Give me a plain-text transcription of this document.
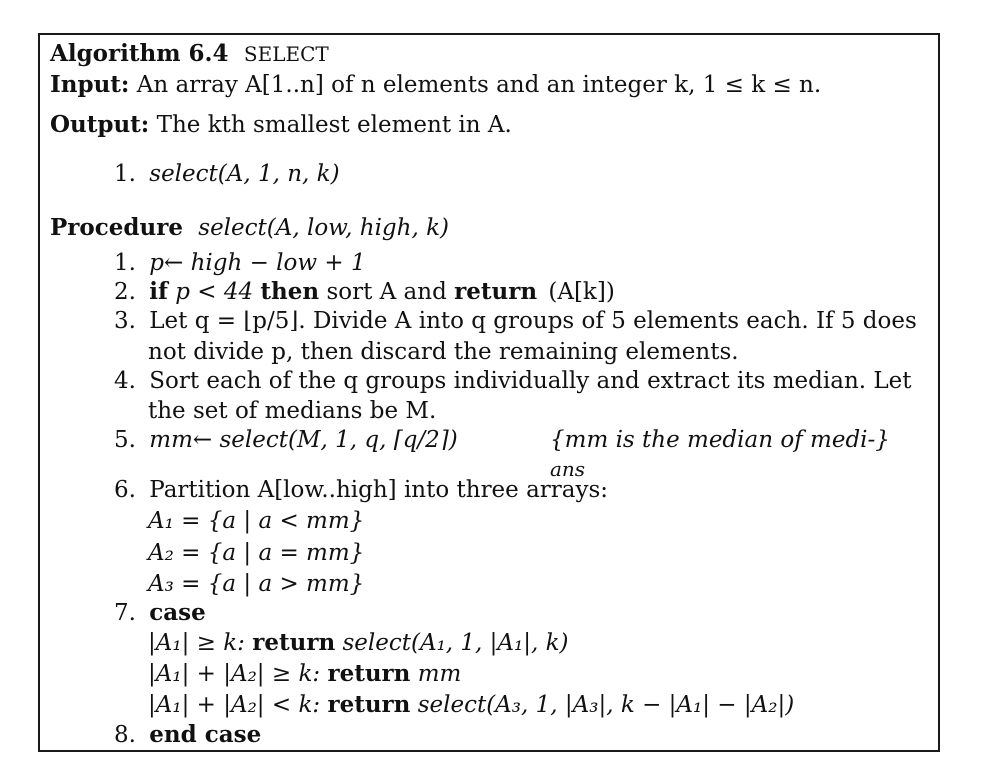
Algorithm 6.4 SELECT
Input: An array A[1..n] of n elements and an integer k, 1 ≤ k ≤ n.
Output: The kth smallest element in A.
1. select(A, 1, n, k)
Procedure select(A, low, high, k)
1. p← high − low + 1
2. if p < 44 then sort A and return (A[k])
3. Let q = ⌊p/5⌋. Divide A into q groups of 5 elements each. If 5 does
not divide p, then discard the remaining elements.
4. Sort each of the q groups individually and extract its median. Let
the set of medians be M.
5. mm← select(M, 1, q, ⌈q/2⌉)	{mm is the median of medi-}
ans
6. Partition A[low..high] into three arrays:
A₁ = {a | a < mm}
A₂ = {a | a = mm}
A₃ = {a | a > mm}
7. case
|A₁| ≥ k: return select(A₁, 1, |A₁|, k)
|A₁| + |A₂| ≥ k: return mm
|A₁| + |A₂| < k: return select(A₃, 1, |A₃|, k − |A₁| − |A₂|)
8. end case
